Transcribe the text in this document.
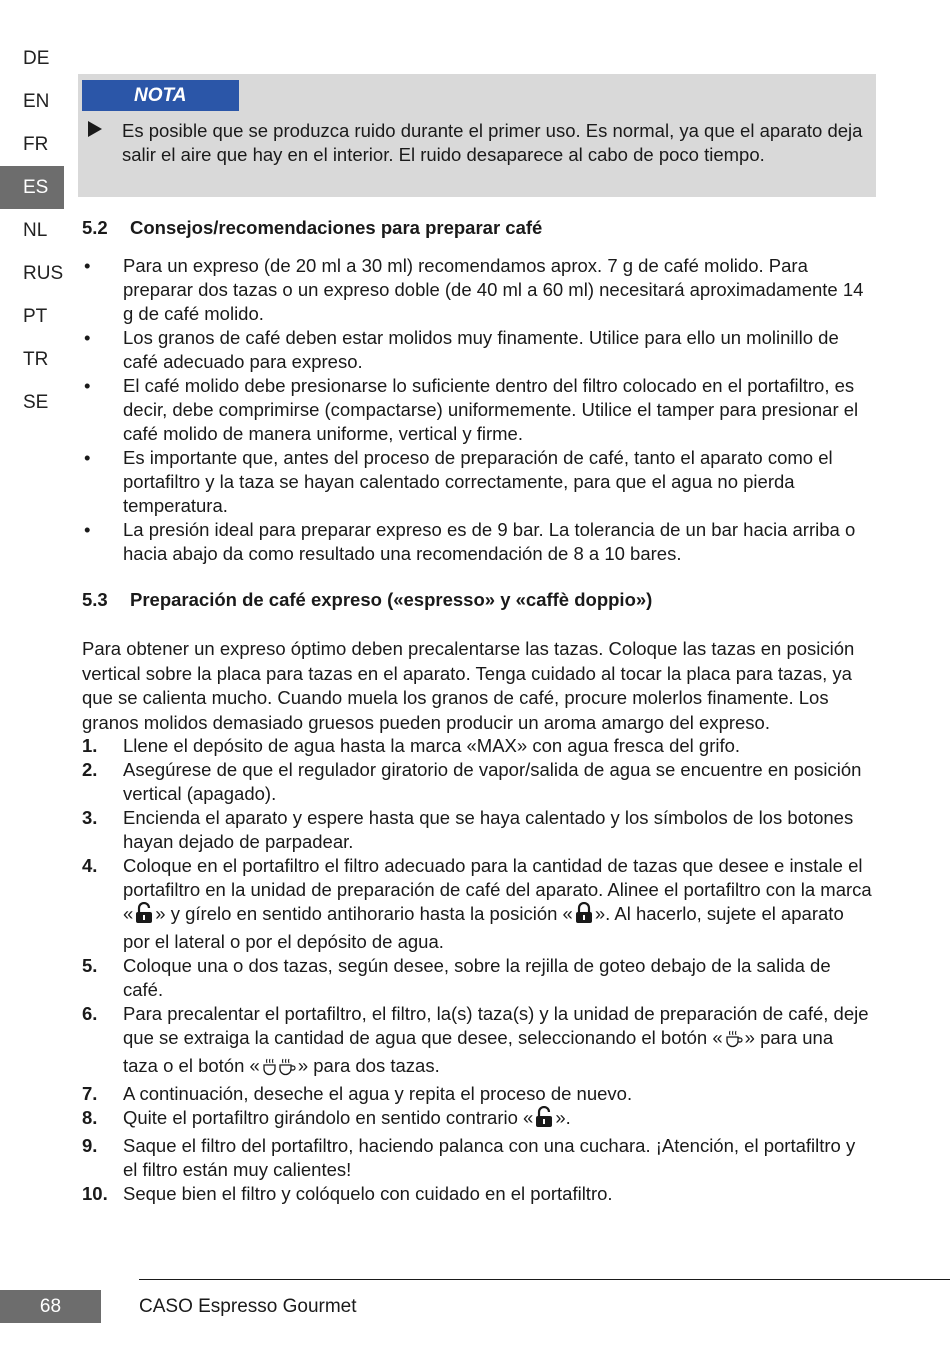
DE
EN
FR
ES
NL
RUS
PT
TR
SE
NOTA
Es posible que se produzca ruido durante el primer uso. Es normal, ya que el aparato deja salir el aire que hay en el interior. El ruido desaparece al cabo de poco tiempo.
5.2 Consejos/recomendaciones para preparar café
• Para un expreso (de 20 ml a 30 ml) recomendamos aprox. 7 g de café molido. Para preparar dos tazas o un expreso doble (de 40 ml a 60 ml) necesitará aproximadamente 14 g de café molido.
• Los granos de café deben estar molidos muy finamente. Utilice para ello un molinillo de café adecuado para expreso.
• El café molido debe presionarse lo suficiente dentro del filtro colocado en el portafiltro, es decir, debe comprimirse (compactarse) uniformemente. Utilice el tamper para presionar el café molido de manera uniforme, vertical y firme.
• Es importante que, antes del proceso de preparación de café, tanto el aparato como el portafiltro y la taza se hayan calentado correctamente, para que el agua no pierda temperatura.
• La presión ideal para preparar expreso es de 9 bar. La tolerancia de un bar hacia arriba o hacia abajo da como resultado una recomendación de 8 a 10 bares.
5.3 Preparación de café expreso («espresso» y «caffè doppio»)

Para obtener un expreso óptimo deben precalentarse las tazas. Coloque las tazas en posición vertical sobre la placa para tazas en el aparato. Tenga cuidado al tocar la placa para tazas, ya que se calienta mucho. Cuando muela los granos de café, procure molerlos finamente. Los granos molidos demasiado gruesos pueden producir un aroma amargo del expreso.

1. Llene el depósito de agua hasta la marca «MAX» con agua fresca del grifo.
2. Asegúrese de que el regulador giratorio de vapor/salida de agua se encuentre en posición vertical (apagado).
3. Encienda el aparato y espere hasta que se haya calentado y los símbolos de los botones hayan dejado de parpadear.
4. Coloque en el portafiltro el filtro adecuado para la cantidad de tazas que desee e instale el portafiltro en la unidad de preparación de café del aparato. Alinee el portafiltro con la marca « » y gírelo en sentido antihorario hasta la posición « ». Al hacerlo, sujete el aparato por el lateral o por el depósito de agua.
5. Coloque una o dos tazas, según desee, sobre la rejilla de goteo debajo de la salida de café.
6. Para precalentar el portafiltro, el filtro, la(s) taza(s) y la unidad de preparación de café, deje que se extraiga la cantidad de agua que desee, seleccionando el botón « » para una taza o el botón « » para dos tazas.
7. A continuación, deseche el agua y repita el proceso de nuevo.
8. Quite el portafiltro girándolo en sentido contrario « ».
9. Saque el filtro del portafiltro, haciendo palanca con una cuchara. ¡Atención, el portafiltro y el filtro están muy calientes!
10. Seque bien el filtro y colóquelo con cuidado en el portafiltro.
68	CASO Espresso Gourmet
